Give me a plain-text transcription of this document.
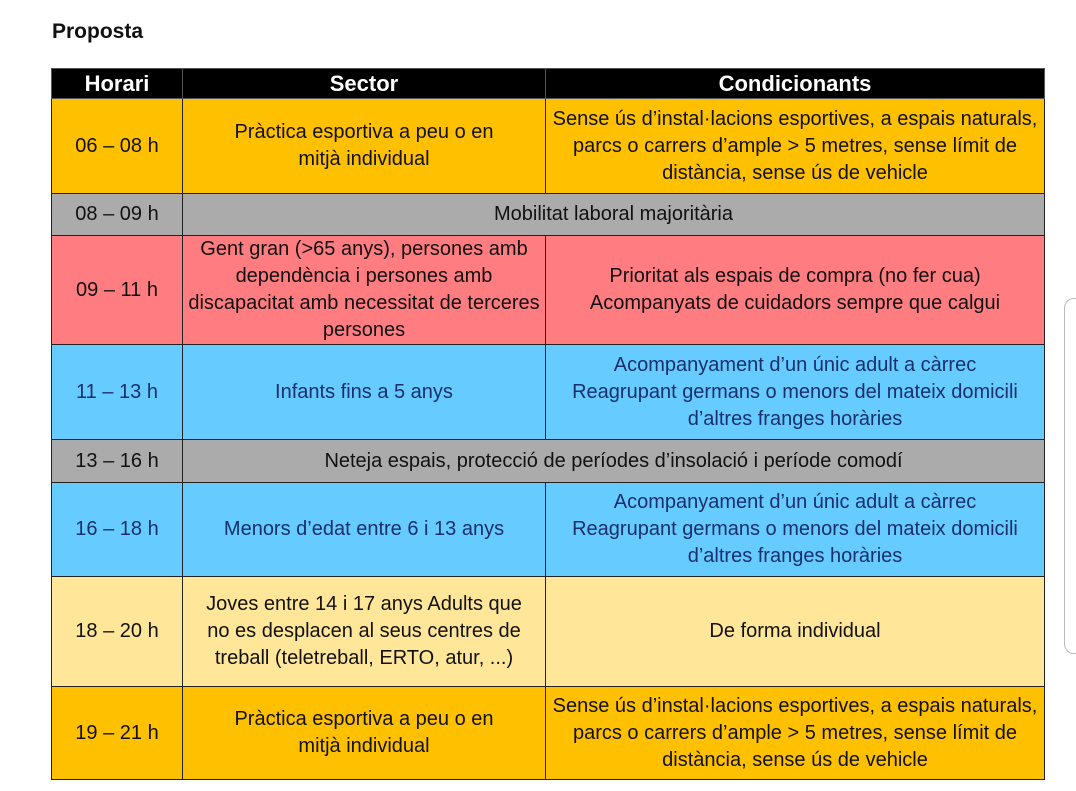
Proposta
Horari	Sector	Condicionants
06 – 08 h	Pràctica esportiva a peu o en mitjà individual	Sense ús d’instal·lacions esportives, a espais naturals, parcs o carrers d’ample > 5 metres, sense límit de distància, sense ús de vehicle
08 – 09 h	Mobilitat laboral majoritària	
09 – 11 h	Gent gran (>65 anys), persones amb dependència i persones amb discapacitat amb necessitat de terceres persones	Prioritat als espais de compra (no fer cua) Acompanyats de cuidadors sempre que calgui
11 – 13 h	Infants fins a 5 anys	Acompanyament d’un únic adult a càrrec Reagrupant germans o menors del mateix domicili d’altres franges horàries
13 – 16 h	Neteja espais, protecció de períodes d’insolació i període comodí	
16 – 18 h	Menors d’edat entre 6 i 13 anys	Acompanyament d’un únic adult a càrrec Reagrupant germans o menors del mateix domicili d’altres franges horàries
18 – 20 h	Joves entre 14 i 17 anys Adults que no es desplacen al seus centres de treball (teletreball, ERTO, atur, ...)	De forma individual
19 – 21 h	Pràctica esportiva a peu o en mitjà individual	Sense ús d’instal·lacions esportives, a espais naturals, parcs o carrers d’ample > 5 metres, sense límit de distància, sense ús de vehicle
